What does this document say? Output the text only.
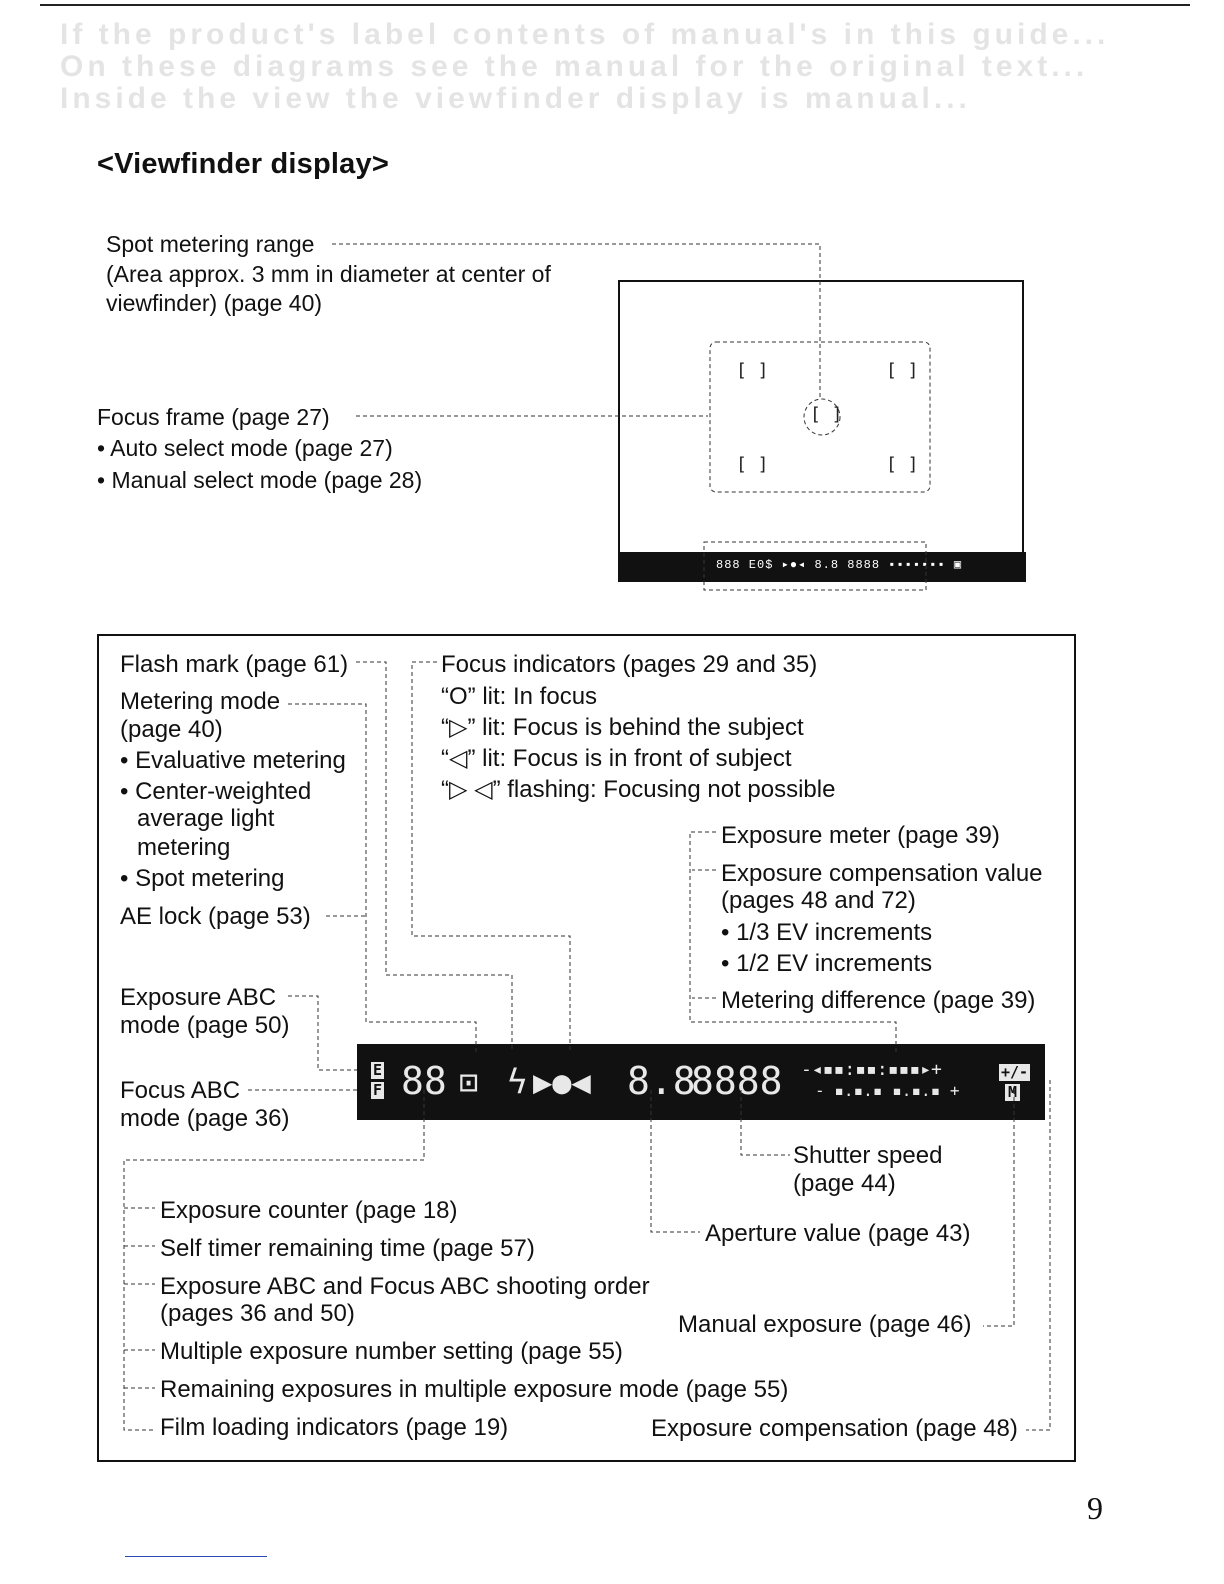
If the product's label contents of manual's in this guide...
On these diagrams see the manual for the original text...
Inside the view the viewfinder display is manual...
<Viewfinder display>
Spot metering range
(Area approx. 3 mm in diameter at center of
viewfinder) (page 40)
Focus frame (page 27)
• Auto select mode (page 27)
• Manual select mode (page 28)
888 E0$ ▸●◂ 8.8 8888 ▪▪▪▪▪▪▪ ▣
[ ]	[ ]
[ ]
[ ]	[ ]
Flash mark (page 61)
Metering mode
(page 40)
• Evaluative metering
• Center-weighted
average light
metering
• Spot metering
AE lock (page 53)
Exposure ABC
mode (page 50)
Focus ABC
mode (page 36)
Focus indicators (pages 29 and 35)
“O” lit: In focus
“▷” lit: Focus is behind the subject
“◁” lit: Focus is in front of subject
“▷ ◁” flashing: Focusing not possible
Exposure meter (page 39)
Exposure compensation value
(pages 48 and 72)
• 1/3 EV increments
• 1/2 EV increments
Metering difference (page 39)
E
F 88 ⊡ ϟ ▶●◀ 8.8
8888 -◂▪▪:▪▪:▪▪▪▸+
- ▪.▪.▪ ▪.▪.▪ +
+/-
M
Shutter speed
(page 44)
Aperture value (page 43)
Manual exposure (page 46)
Exposure compensation (page 48)
Exposure counter (page 18)
Self timer remaining time (page 57)
Exposure ABC and Focus ABC shooting order
(pages 36 and 50)
Multiple exposure number setting (page 55)
Remaining exposures in multiple exposure mode (page 55)
Film loading indicators (page 19)
9
